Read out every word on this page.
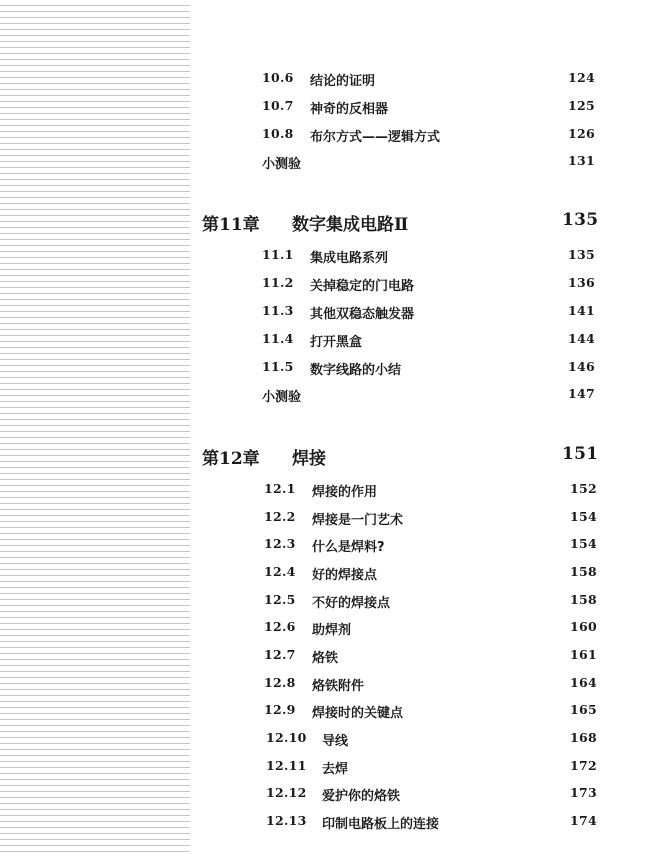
10.6 结论的证明	124
10.7 神奇的反相器	125
10.8 布尔方式——逻辑方式	126
小测验	131
第11章 数字集成电路Ⅱ	135
11.1 集成电路系列	135
11.2 关掉稳定的门电路	136
11.3 其他双稳态触发器	141
11.4 打开黑盒	144
11.5 数字线路的小结	146
小测验	147
第12章 焊接	151
12.1 焊接的作用	152
12.2 焊接是一门艺术	154
12.3 什么是焊料?	154
12.4 好的焊接点	158
12.5 不好的焊接点	158
12.6 助焊剂	160
12.7 烙铁	161
12.8 烙铁附件	164
12.9 焊接时的关键点	165
12.10 导线	168
12.11 去焊	172
12.12 爱护你的烙铁	173
12.13 印制电路板上的连接	174
